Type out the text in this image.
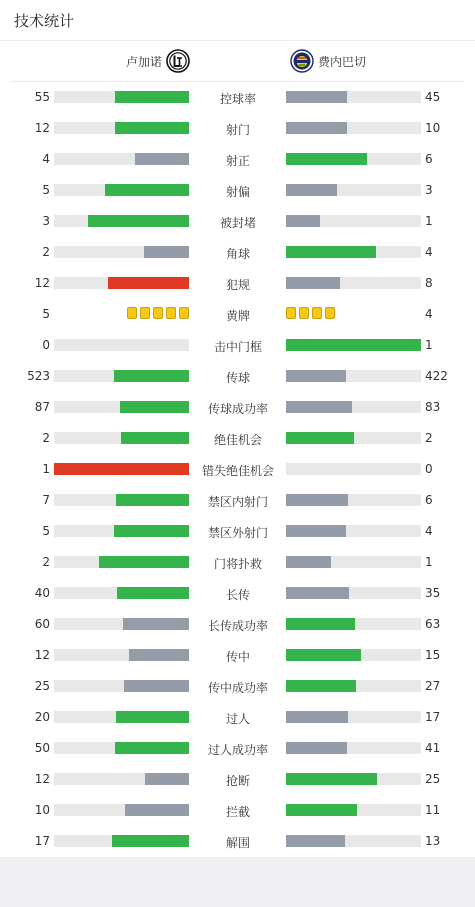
技术统计
卢加诺	费内巴切
55	控球率	45
12	射门	10
4	射正	6
5	射偏	3
3	被封堵	1
2	角球	4
12	犯规	8
5	黄牌	4
0	击中门框	1
523	传球	422
87	传球成功率	83
2	绝佳机会	2
1	错失绝佳机会	0
7	禁区内射门	6
5	禁区外射门	4
2	门将扑救	1
40	长传	35
60	长传成功率	63
12	传中	15
25	传中成功率	27
20	过人	17
50	过人成功率	41
12	抢断	25
10	拦截	11
17	解围	13
